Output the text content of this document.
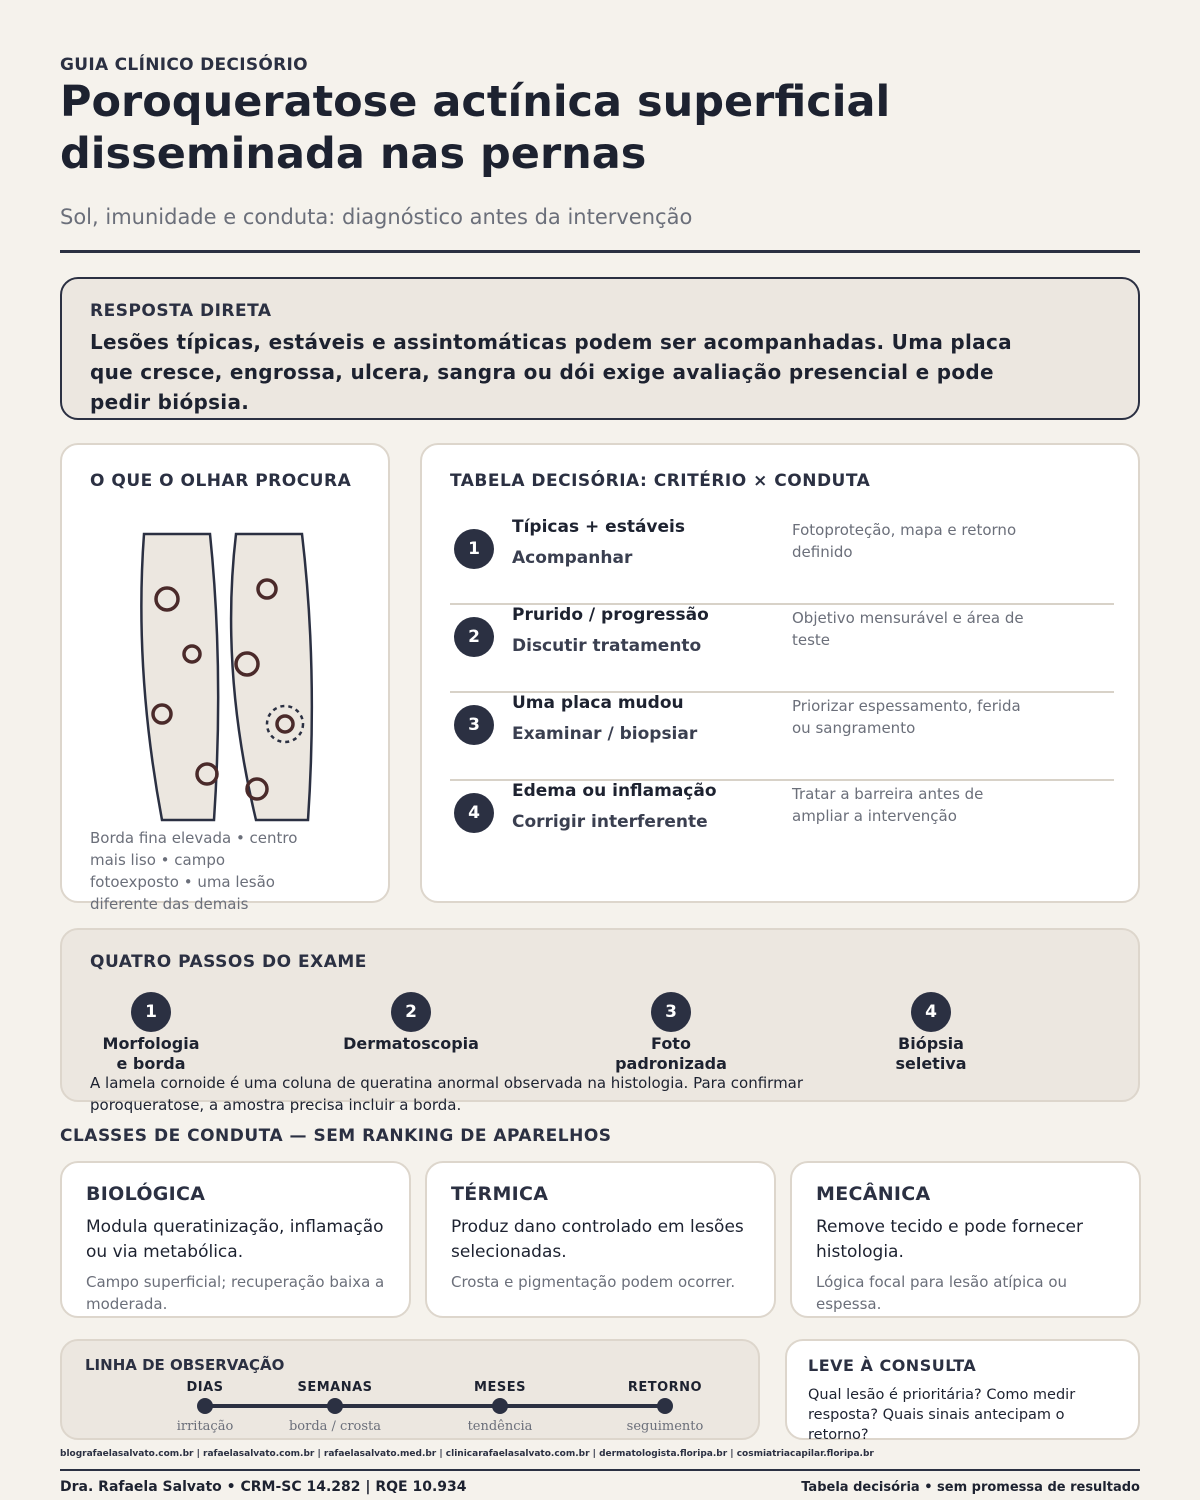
GUIA CLÍNICO DECISÓRIO
Poroqueratose actínica superficial disseminada nas pernas
Sol, imunidade e conduta: diagnóstico antes da intervenção
RESPOSTA DIRETA
Lesões típicas, estáveis e assintomáticas podem ser acompanhadas. Uma placa que cresce, engrossa, ulcera, sangra ou dói exige avaliação presencial e pode pedir biópsia.
O QUE O OLHAR PROCURA
Borda fina elevada • centro mais liso • campo fotoexposto • uma lesão diferente das demais
TABELA DECISÓRIA: CRITÉRIO × CONDUTA
1
Típicas + estáveis
Acompanhar
Fotoproteção, mapa e retorno definido
2
Prurido / progressão
Discutir tratamento
Objetivo mensurável e área de teste
3
Uma placa mudou
Examinar / biopsiar
Priorizar espessamento, ferida ou sangramento
4
Edema ou inflamação
Corrigir interferente
Tratar a barreira antes de ampliar a intervenção
QUATRO PASSOS DO EXAME
1
Morfologia e borda
2
Dermatoscopia
3
Foto padronizada
4
Biópsia seletiva
A lamela cornoide é uma coluna de queratina anormal observada na histologia. Para confirmar poroqueratose, a amostra precisa incluir a borda.
CLASSES DE CONDUTA — SEM RANKING DE APARELHOS
BIOLÓGICA
Modula queratinização, inflamação ou via metabólica.
Campo superficial; recuperação baixa a moderada.
TÉRMICA
Produz dano controlado em lesões selecionadas.
Crosta e pigmentação podem ocorrer.
MECÂNICA
Remove tecido e pode fornecer histologia.
Lógica focal para lesão atípica ou espessa.
LINHA DE OBSERVAÇÃO
DIAS
irritação
SEMANAS
borda / crosta
MESES
tendência
RETORNO
seguimento
LEVE À CONSULTA
Qual lesão é prioritária? Como medir resposta? Quais sinais antecipam o retorno?
blografaelasalvato.com.br | rafaelasalvato.com.br | rafaelasalvato.med.br | clinicarafaelasalvato.com.br | dermatologista.floripa.br | cosmiatriacapilar.floripa.br
Dra. Rafaela Salvato • CRM-SC 14.282 | RQE 10.934	Tabela decisória • sem promessa de resultado
